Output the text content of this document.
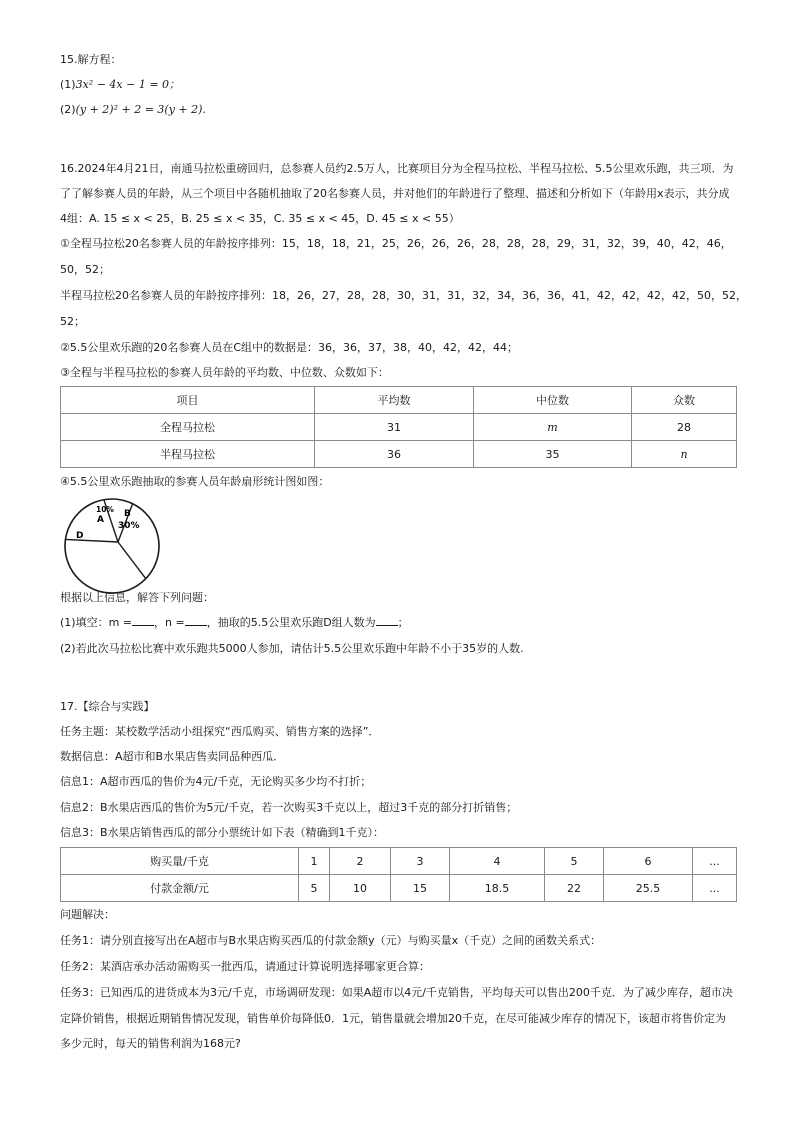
15.解方程：
(1)3x² − 4x − 1 = 0；
(2)(y + 2)² + 2 = 3(y + 2).
16.2024年4月21日，南通马拉松重磅回归，总参赛人员约2.5万人，比赛项目分为全程马拉松、半程马拉松、5.5公里欢乐跑，共三项．为
了了解参赛人员的年龄，从三个项目中各随机抽取了20名参赛人员，并对他们的年龄进行了整理、描述和分析如下（年龄用x表示，共分成
4组：A. 15 ≤ x < 25，B. 25 ≤ x < 35，C. 35 ≤ x < 45，D. 45 ≤ x < 55）
①全程马拉松20名参赛人员的年龄按序排列：15，18，18，21，25，26，26，26，28，28，28，29，31，32，39，40，42，46，
50，52；
半程马拉松20名参赛人员的年龄按序排列：18，26，27，28，28，30，31，31，32，34，36，36，41，42，42，42，42，50，52，
52；
②5.5公里欢乐跑的20名参赛人员在C组中的数据是：36，36，37，38，40，42，42，44；
③全程与半程马拉松的参赛人员年龄的平均数、中位数、众数如下：
项目	平均数	中位数	众数
全程马拉松	31	m	28
半程马拉松	36	35	n
④5.5公里欢乐跑抽取的参赛人员年龄扇形统计图如图：
10%
A
B
30%
D
根据以上信息，解答下列问题：
(1)填空：m = ，n = ，抽取的5.5公里欢乐跑D组人数为 ；
(2)若此次马拉松比赛中欢乐跑共5000人参加，请估计5.5公里欢乐跑中年龄不小于35岁的人数.
17.【综合与实践】
任务主题：某校数学活动小组探究“西瓜购买、销售方案的选择”．
数据信息：A超市和B水果店售卖同品种西瓜．
信息1：A超市西瓜的售价为4元/千克，无论购买多少均不打折；
信息2：B水果店西瓜的售价为5元/千克，若一次购买3千克以上，超过3千克的部分打折销售；
信息3：B水果店销售西瓜的部分小票统计如下表（精确到1千克）：
购买量/千克	1	2	3	4	5	6	...
付款金额/元	5	10	15	18.5	22	25.5	...
问题解决：
任务1：请分别直接写出在A超市与B水果店购买西瓜的付款金额y（元）与购买量x（千克）之间的函数关系式：
任务2：某酒店承办活动需购买一批西瓜，请通过计算说明选择哪家更合算：
任务3：已知西瓜的进货成本为3元/千克，市场调研发现：如果A超市以4元/千克销售，平均每天可以售出200千克．为了减少库存，超市决
定降价销售，根据近期销售情况发现，销售单价每降低0．1元，销售量就会增加20千克，在尽可能减少库存的情况下，该超市将售价定为
多少元时，每天的销售利润为168元?
